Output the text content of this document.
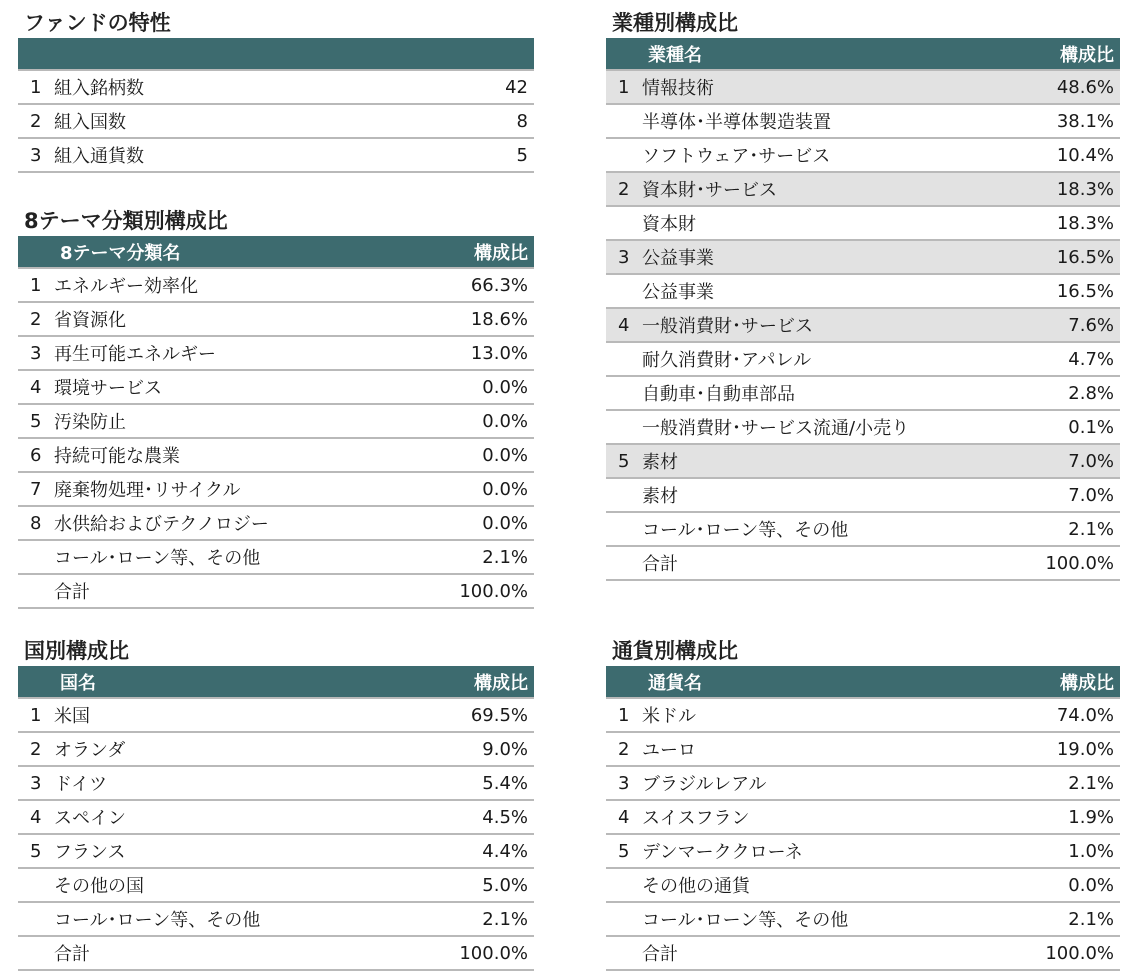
ファンドの特性

1	組入銘柄数	42
2	組入国数	8
3	組入通貨数	5
8テーマ分類別構成比
	8テーマ分類名	構成比
1	エネルギー効率化	66.3%
2	省資源化	18.6%
3	再生可能エネルギー	13.0%
4	環境サービス	0.0%
5	汚染防止	0.0%
6	持続可能な農業	0.0%
7	廃棄物処理･リサイクル	0.0%
8	水供給およびテクノロジー	0.0%
	コール･ローン等、その他	2.1%
	合計	100.0%
国別構成比
	国名	構成比
1	米国	69.5%
2	オランダ	9.0%
3	ドイツ	5.4%
4	スペイン	4.5%
5	フランス	4.4%
	その他の国	5.0%
	コール･ローン等、その他	2.1%
	合計	100.0%
業種別構成比
	業種名	構成比
1	情報技術	48.6%
	半導体･半導体製造装置	38.1%
	ソフトウェア･サービス	10.4%
2	資本財･サービス	18.3%
	資本財	18.3%
3	公益事業	16.5%
	公益事業	16.5%
4	一般消費財･サービス	7.6%
	耐久消費財･アパレル	4.7%
	自動車･自動車部品	2.8%
	一般消費財･サービス流通/小売り	0.1%
5	素材	7.0%
	素材	7.0%
	コール･ローン等、その他	2.1%
	合計	100.0%
通貨別構成比
	通貨名	構成比
1	米ドル	74.0%
2	ユーロ	19.0%
3	ブラジルレアル	2.1%
4	スイスフラン	1.9%
5	デンマーククローネ	1.0%
	その他の通貨	0.0%
	コール･ローン等、その他	2.1%
	合計	100.0%
